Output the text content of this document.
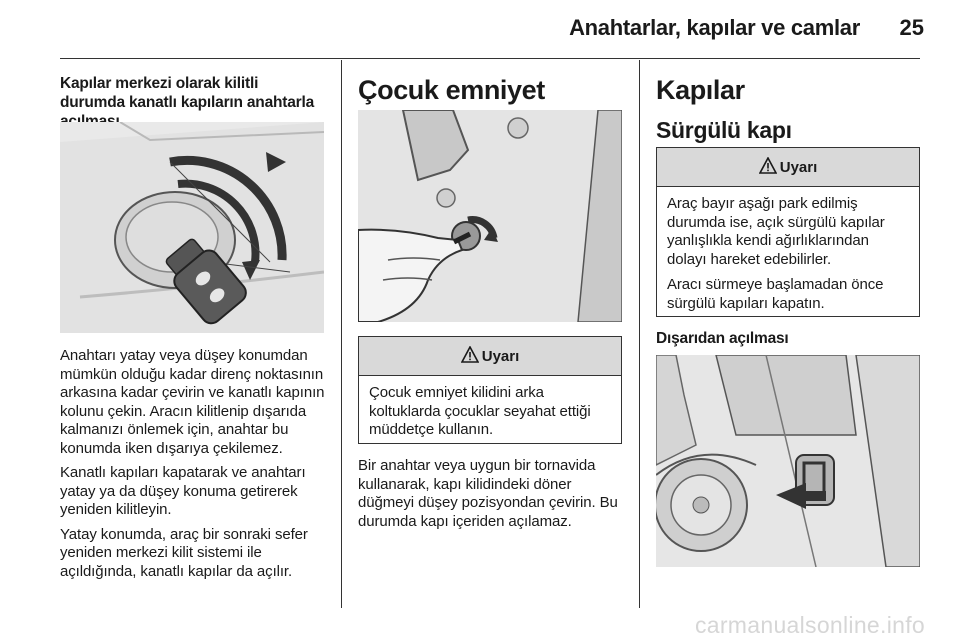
Anahtarlar, kapılar ve camlar	25

Kapılar merkezi olarak kilitli durumda kanatlı kapıların anahtarla

Anahtarı yatay veya düşey konumdan mümkün olduğu kadar direnç noktasının arkasına kadar çevirin ve kanatlı kapının kolunu çekin. Aracın kilitlenip dışarıda kalmanızı önlemek için, anahtar bu konumda iken dışarıya çekilemez.

Kanatlı kapıları kapatarak ve anahtarı yatay ya da düşey konuma getirerek yeniden kilitleyin.

Yatay konumda, araç bir sonraki sefer yeniden merkezi kilit sistemi ile açıldığında, kanatlı kapılar da açılır.

Çocuk emniyet
Uyarı

Çocuk emniyet kilidini arka koltuklarda çocuklar seyahat ettiği müddetçe kullanın.

Bir anahtar veya uygun bir tornavida kullanarak, kapı kilidindeki döner düğmeyi düşey pozisyondan çevirin. Bu durumda kapı içeriden açılamaz.

Kapılar
Sürgülü kapı
Uyarı

Araç bayır aşağı park edilmiş durumda ise, açık sürgülü kapılar yanlışlıkla kendi ağırlıklarından dolayı hareket edebilirler.

Aracı sürmeye başlamadan önce sürgülü kapıları kapatın.

Dışarıdan açılması

carmanualsonline.info
